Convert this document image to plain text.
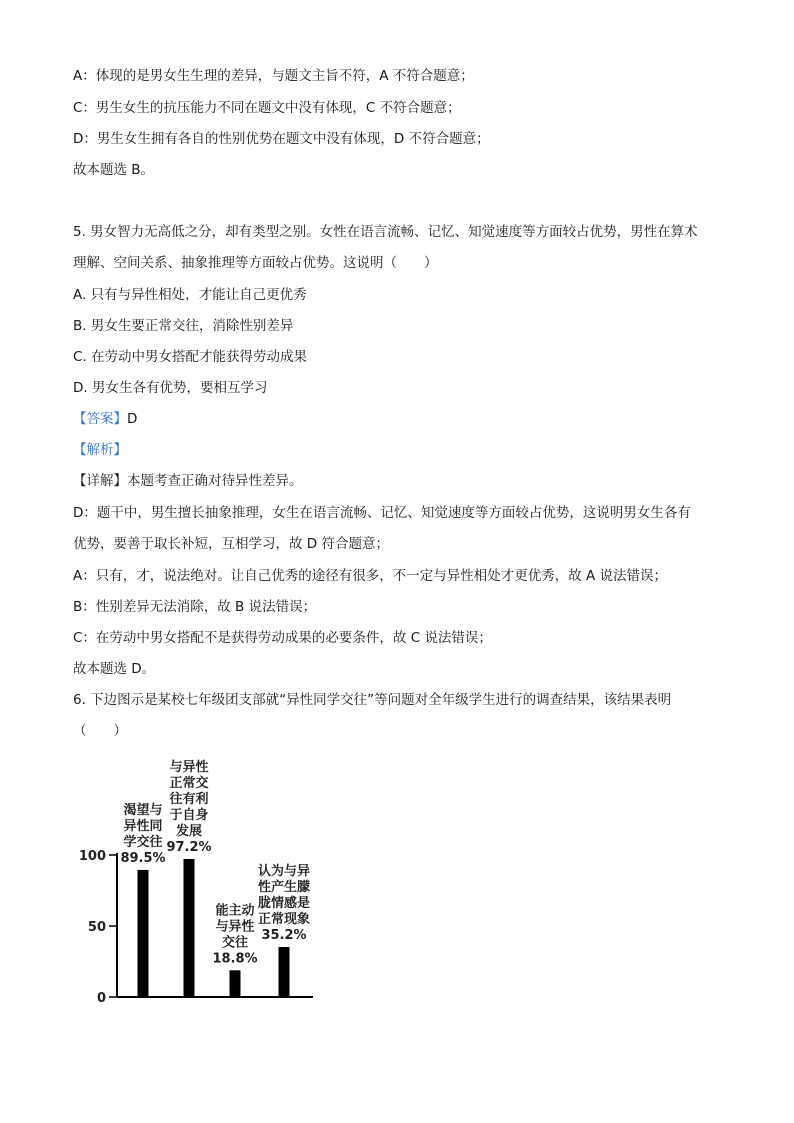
A：体现的是男女生生理的差异，与题文主旨不符，A 不符合题意；
C：男生女生的抗压能力不同在题文中没有体现，C 不符合题意；
D：男生女生拥有各自的性别优势在题文中没有体现，D 不符合题意；
故本题选 B。
5. 男女智力无高低之分，却有类型之别。女性在语言流畅、记忆、知觉速度等方面较占优势，男性在算术
理解、空间关系、抽象推理等方面较占优势。这说明（　　）
A. 只有与异性相处，才能让自己更优秀
B. 男女生要正常交往，消除性别差异
C. 在劳动中男女搭配才能获得劳动成果
D. 男女生各有优势，要相互学习
【答案】D
【解析】
【详解】本题考查正确对待异性差异。
D：题干中，男生擅长抽象推理，女生在语言流畅、记忆、知觉速度等方面较占优势，这说明男女生各有
优势，要善于取长补短，互相学习，故 D 符合题意；
A：只有，才，说法绝对。让自己优秀的途径有很多，不一定与异性相处才更优秀，故 A 说法错误；
B：性别差异无法消除，故 B 说法错误；
C：在劳动中男女搭配不是获得劳动成果的必要条件，故 C 说法错误；
故本题选 D。
6. 下边图示是某校七年级团支部就“异性同学交往”等问题对全年级学生进行的调查结果，该结果表明
（　　）
0
50
100
渴望与
异性同
学交往
89.5%
与异性
正常交
往有利
于自身
发展
97.2%
能主动
与异性
交往
18.8%
认为与异
性产生朦
胧情感是
正常现象
35.2%
